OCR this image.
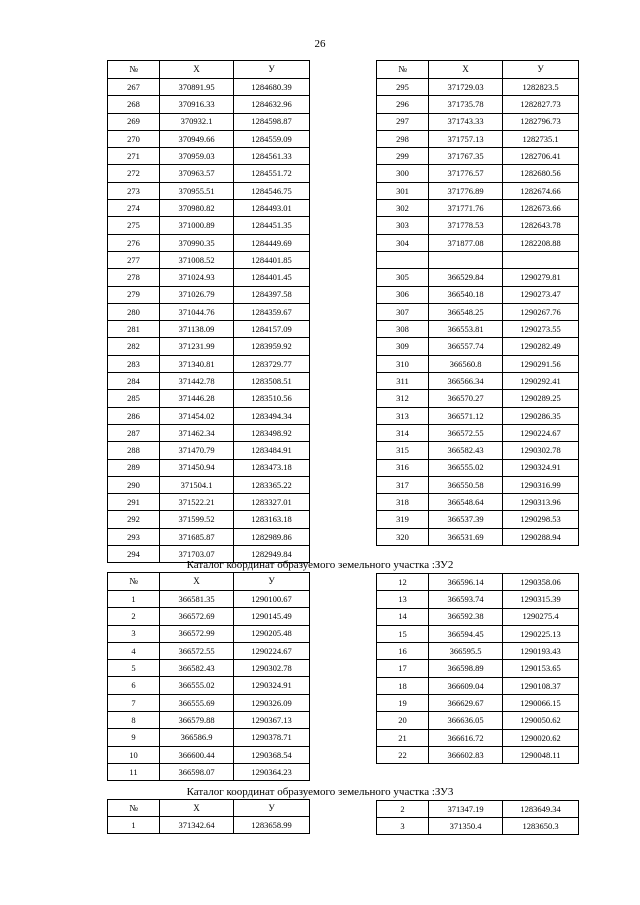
26
№	X	У
267	370891.95	1284680.39
268	370916.33	1284632.96
269	370932.1	1284598.87
270	370949.66	1284559.09
271	370959.03	1284561.33
272	370963.57	1284551.72
273	370955.51	1284546.75
274	370980.82	1284493.01
275	371000.89	1284451.35
276	370990.35	1284449.69
277	371008.52	1284401.85
278	371024.93	1284401.45
279	371026.79	1284397.58
280	371044.76	1284359.67
281	371138.09	1284157.09
282	371231.99	1283959.92
283	371340.81	1283729.77
284	371442.78	1283508.51
285	371446.28	1283510.56
286	371454.02	1283494.34
287	371462.34	1283498.92
288	371470.79	1283484.91
289	371450.94	1283473.18
290	371504.1	1283365.22
291	371522.21	1283327.01
292	371599.52	1283163.18
293	371685.87	1282989.86
294	371703.07	1282949.84
№	X	У
295	371729.03	1282823.5
296	371735.78	1282827.73
297	371743.33	1282796.73
298	371757.13	1282735.1
299	371767.35	1282706.41
300	371776.57	1282680.56
301	371776.89	1282674.66
302	371771.76	1282673.66
303	371778.53	1282643.78
304	371877.08	1282208.88

305	366529.84	1290279.81
306	366540.18	1290273.47
307	366548.25	1290267.76
308	366553.81	1290273.55
309	366557.74	1290282.49
310	366560.8	1290291.56
311	366566.34	1290292.41
312	366570.27	1290289.25
313	366571.12	1290286.35
314	366572.55	1290224.67
315	366582.43	1290302.78
316	366555.02	1290324.91
317	366550.58	1290316.99
318	366548.64	1290313.96
319	366537.39	1290298.53
320	366531.69	1290288.94
Каталог координат образуемого земельного участка :ЗУ2
№	X	У
1	366581.35	1290100.67
2	366572.69	1290145.49
3	366572.99	1290205.48
4	366572.55	1290224.67
5	366582.43	1290302.78
6	366555.02	1290324.91
7	366555.69	1290326.09
8	366579.88	1290367.13
9	366586.9	1290378.71
10	366600.44	1290368.54
11	366598.07	1290364.23
12	366596.14	1290358.06
13	366593.74	1290315.39
14	366592.38	1290275.4
15	366594.45	1290225.13
16	366595.5	1290193.43
17	366598.89	1290153.65
18	366609.04	1290108.37
19	366629.67	1290066.15
20	366636.05	1290050.62
21	366616.72	1290020.62
22	366602.83	1290048.11
Каталог координат образуемого земельного участка :ЗУ3
№	X	У
1	371342.64	1283658.99
2	371347.19	1283649.34
3	371350.4	1283650.3
